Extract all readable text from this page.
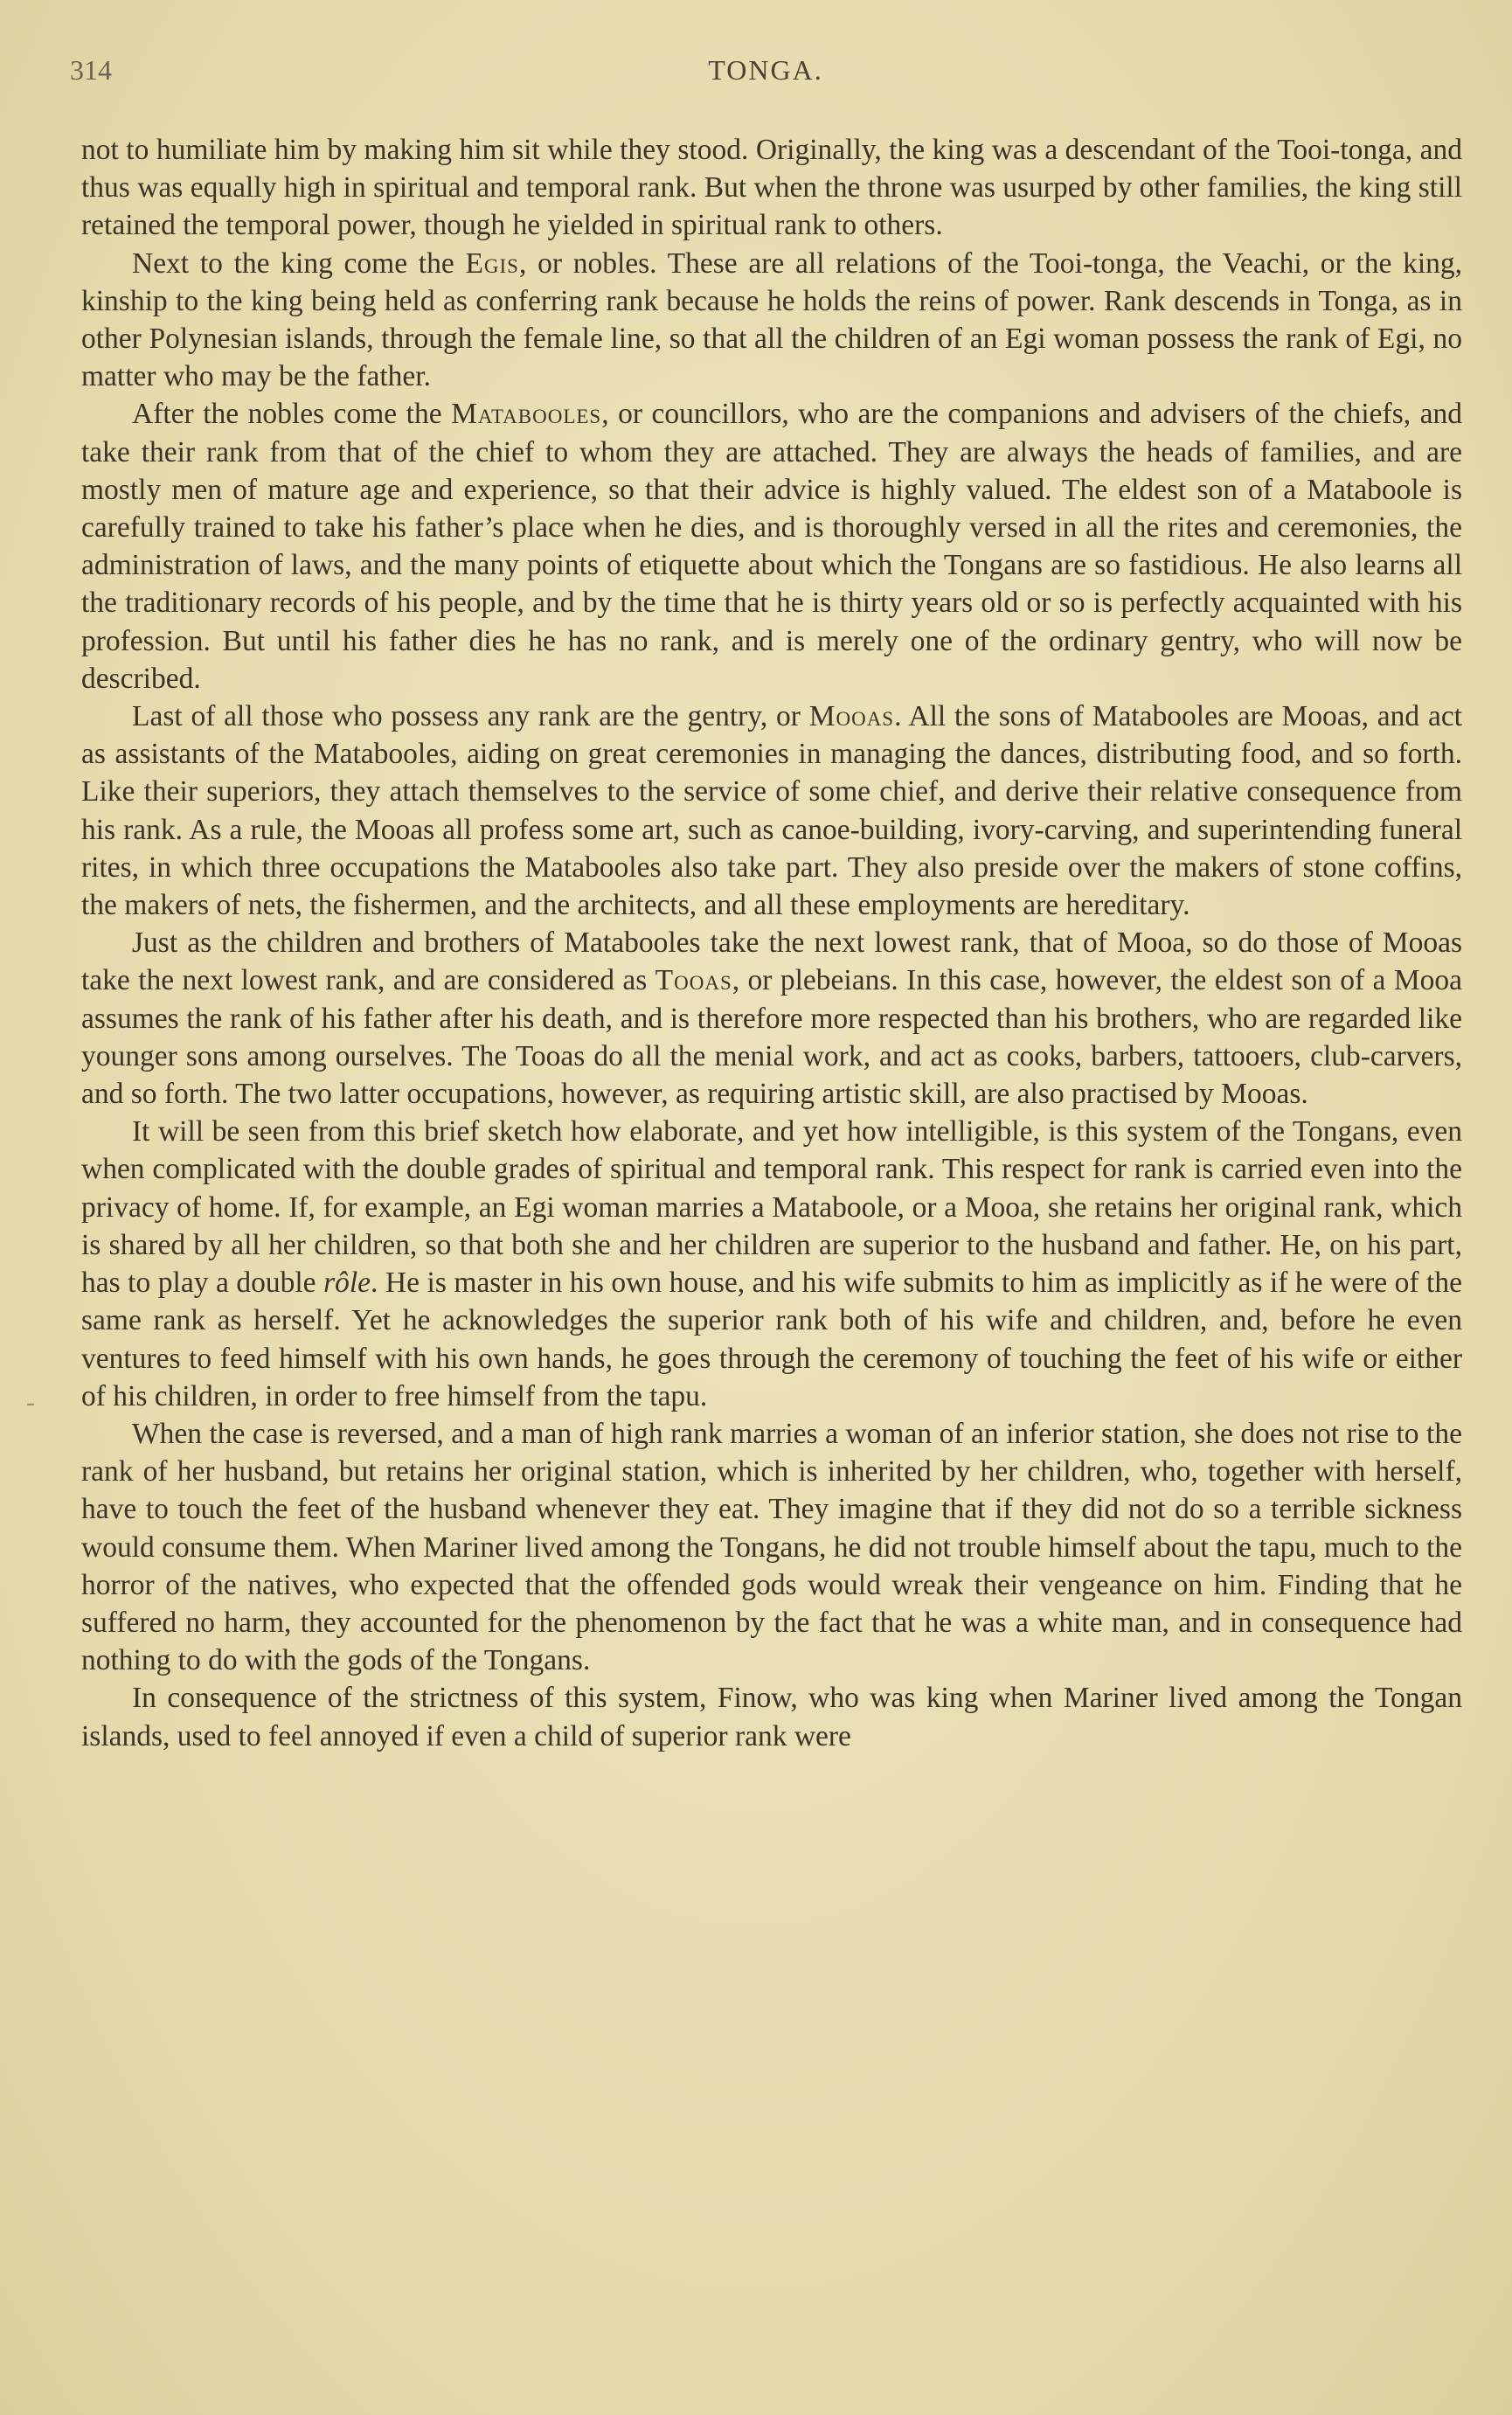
314	TONGA.

not to humiliate him by making him sit while they stood. Originally, the king was a descendant of the Tooi-tonga, and thus was equally high in spiritual and temporal rank. But when the throne was usurped by other families, the king still retained the temporal power, though he yielded in spiritual rank to others.

Next to the king come the Egis, or nobles. These are all relations of the Tooi-tonga, the Veachi, or the king, kinship to the king being held as conferring rank because he holds the reins of power. Rank descends in Tonga, as in other Polynesian islands, through the female line, so that all the children of an Egi woman possess the rank of Egi, no matter who may be the father.

After the nobles come the Matabooles, or councillors, who are the companions and advisers of the chiefs, and take their rank from that of the chief to whom they are attached. They are always the heads of families, and are mostly men of mature age and experience, so that their advice is highly valued. The eldest son of a Mataboole is carefully trained to take his father’s place when he dies, and is thoroughly versed in all the rites and ceremonies, the administration of laws, and the many points of etiquette about which the Tongans are so fastidious. He also learns all the traditionary records of his people, and by the time that he is thirty years old or so is perfectly acquainted with his profession. But until his father dies he has no rank, and is merely one of the ordinary gentry, who will now be described.

Last of all those who possess any rank are the gentry, or Mooas. All the sons of Matabooles are Mooas, and act as assistants of the Matabooles, aiding on great ceremonies in managing the dances, distributing food, and so forth. Like their superiors, they attach themselves to the service of some chief, and derive their relative consequence from his rank. As a rule, the Mooas all profess some art, such as canoe-building, ivory-carving, and superintending funeral rites, in which three occupations the Matabooles also take part. They also preside over the makers of stone coffins, the makers of nets, the fishermen, and the architects, and all these employments are hereditary.

Just as the children and brothers of Matabooles take the next lowest rank, that of Mooa, so do those of Mooas take the next lowest rank, and are considered as Tooas, or plebeians. In this case, however, the eldest son of a Mooa assumes the rank of his father after his death, and is therefore more respected than his brothers, who are regarded like younger sons among ourselves. The Tooas do all the menial work, and act as cooks, barbers, tattooers, club-carvers, and so forth. The two latter occupations, however, as requiring artistic skill, are also practised by Mooas.

It will be seen from this brief sketch how elaborate, and yet how intelligible, is this system of the Tongans, even when complicated with the double grades of spiritual and temporal rank. This respect for rank is carried even into the privacy of home. If, for example, an Egi woman marries a Mataboole, or a Mooa, she retains her original rank, which is shared by all her children, so that both she and her children are superior to the husband and father. He, on his part, has to play a double rôle. He is master in his own house, and his wife submits to him as implicitly as if he were of the same rank as herself. Yet he acknowledges the superior rank both of his wife and children, and, before he even ventures to feed himself with his own hands, he goes through the ceremony of touching the feet of his wife or either of his children, in order to free himself from the tapu.

When the case is reversed, and a man of high rank marries a woman of an inferior station, she does not rise to the rank of her husband, but retains her original station, which is inherited by her children, who, together with herself, have to touch the feet of the husband whenever they eat. They imagine that if they did not do so a terrible sickness would consume them. When Mariner lived among the Tongans, he did not trouble himself about the tapu, much to the horror of the natives, who expected that the offended gods would wreak their vengeance on him. Finding that he suffered no harm, they accounted for the phenomenon by the fact that he was a white man, and in consequence had nothing to do with the gods of the Tongans.

In consequence of the strictness of this system, Finow, who was king when Mariner lived among the Tongan islands, used to feel annoyed if even a child of superior rank were

-
